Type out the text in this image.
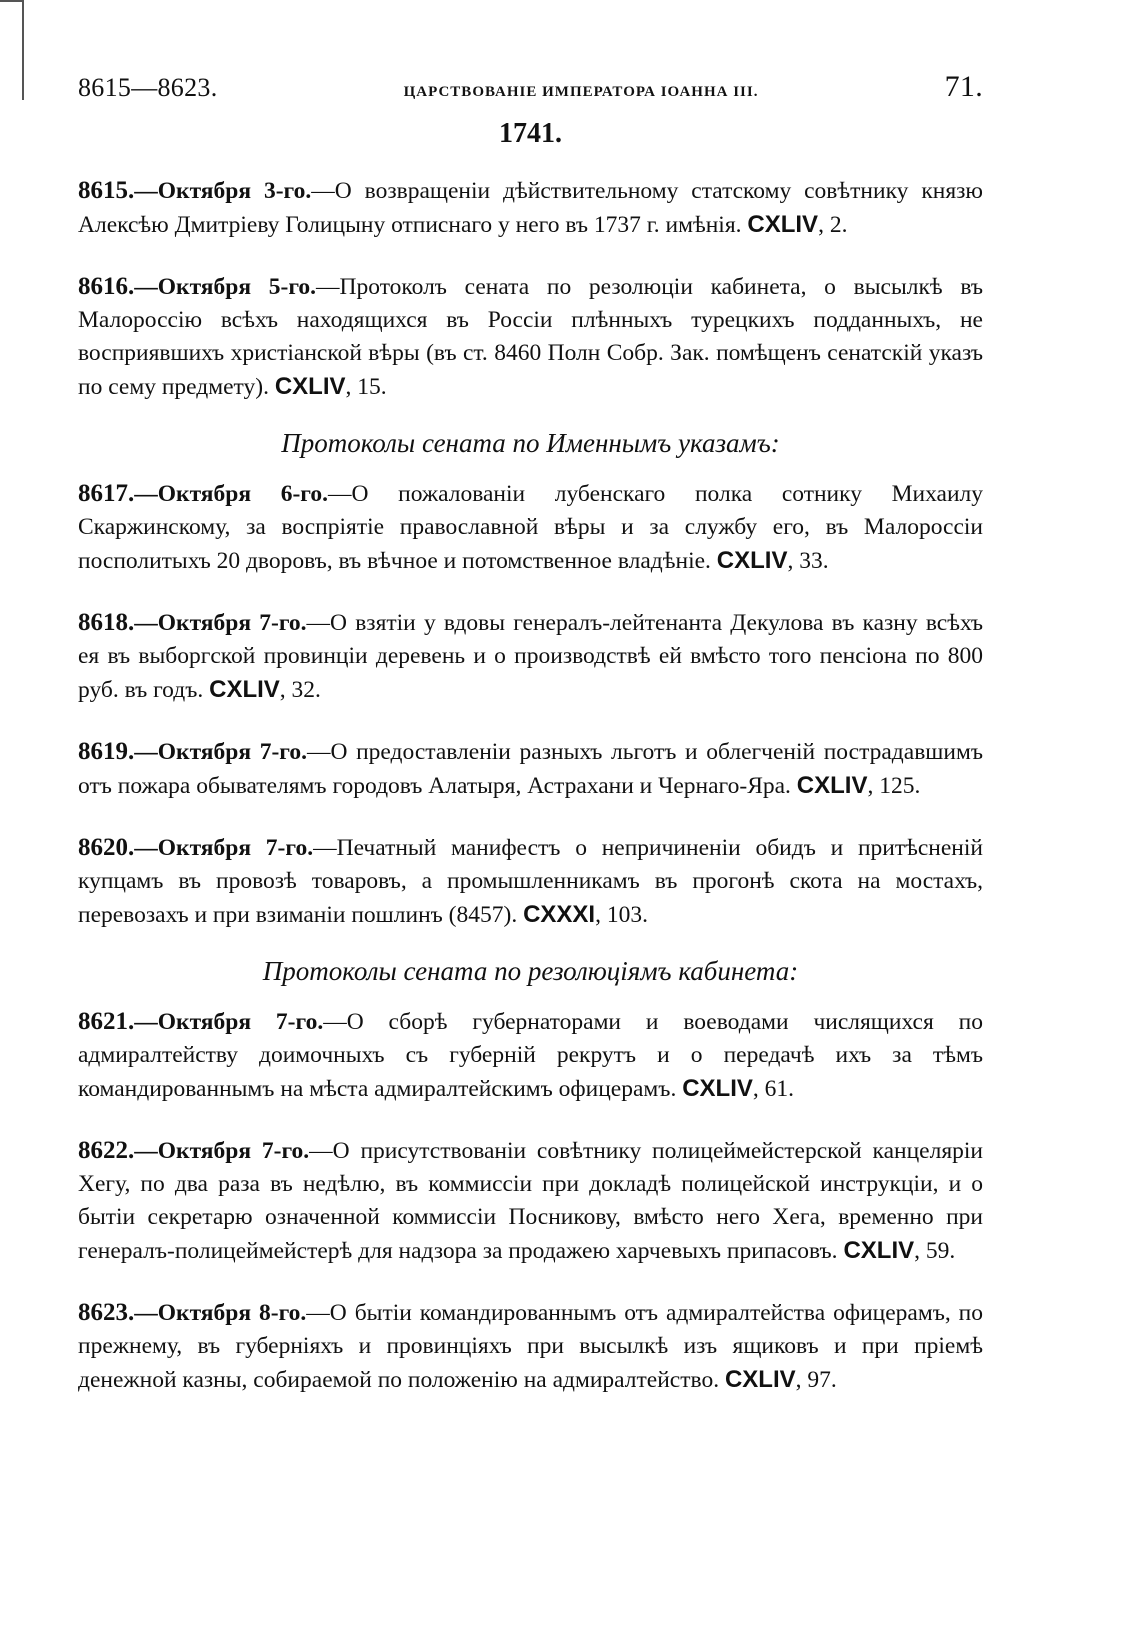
8615—8623.	ЦАРСТВОВАНІЕ ИМПЕРАТОРА ІОАННА III.	71.
1741.

8615.—Октября 3-го.—О возвращеніи дѣйствительному статскому совѣтнику князю Алексѣю Дмитріеву Голицыну отписнаго у него въ 1737 г. имѣнія. CXLIV, 2.

8616.—Октября 5-го.—Протоколъ сената по резолюціи кабинета, о высылкѣ въ Малороссію всѣхъ находящихся въ Россіи плѣнныхъ турецкихъ подданныхъ, не восприявшихъ христіанской вѣры (въ ст. 8460 Полн Собр. Зак. помѣщенъ сенатскій указъ по сему предмету). CXLIV, 15.

Протоколы сената по Именнымъ указамъ:

8617.—Октября 6-го.—О пожалованіи лубенскаго полка сотнику Михаилу Скаржинскому, за воспріятіе православной вѣры и за службу его, въ Малороссіи посполитыхъ 20 дворовъ, въ вѣчное и потомственное владѣніе. CXLIV, 33.

8618.—Октября 7-го.—О взятіи у вдовы генералъ-лейтенанта Декулова въ казну всѣхъ ея въ выборгской провинціи деревень и о производствѣ ей вмѣсто того пенсіона по 800 руб. въ годъ. CXLIV, 32.

8619.—Октября 7-го.—О предоставленіи разныхъ льготъ и облегченій пострадавшимъ отъ пожара обывателямъ городовъ Алатыря, Астрахани и Чернаго-Яра. CXLIV, 125.

8620.—Октября 7-го.—Печатный манифестъ о непричиненіи обидъ и притѣсненій купцамъ въ провозѣ товаровъ, а промышленникамъ въ прогонѣ скота на мостахъ, перевозахъ и при взиманіи пошлинъ (8457). CXXXI, 103.

Протоколы сената по резолюціямъ кабинета:

8621.—Октября 7-го.—О сборѣ губернаторами и воеводами числящихся по адмиралтейству доимочныхъ съ губерній рекрутъ и о передачѣ ихъ за тѣмъ командированнымъ на мѣста адмиралтейскимъ офицерамъ. CXLIV, 61.

8622.—Октября 7-го.—О присутствованіи совѣтнику полицеймейстерской канцеляріи Хегу, по два раза въ недѣлю, въ коммиссіи при докладѣ полицейской инструкціи, и о бытіи секретарю означенной коммиссіи Посникову, вмѣсто него Хега, временно при генералъ-полицеймейстерѣ для надзора за продажею харчевыхъ припасовъ. CXLIV, 59.

8623.—Октября 8-го.—О бытіи командированнымъ отъ адмиралтейства офицерамъ, по прежнему, въ губерніяхъ и провинціяхъ при высылкѣ изъ ящиковъ и при пріемѣ денежной казны, собираемой по положенію на адмиралтейство. CXLIV, 97.
